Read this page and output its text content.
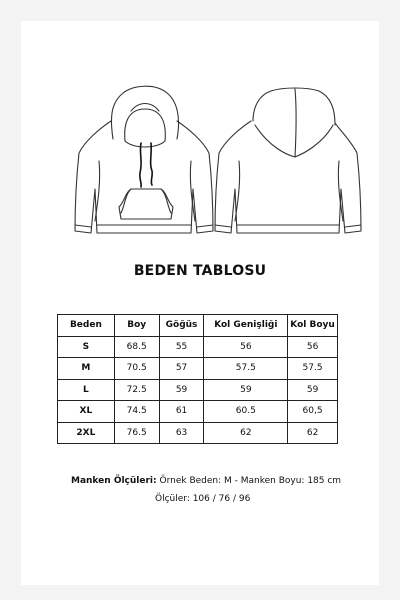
BEDEN TABLOSU
Beden	Boy	Göğüs	Kol Genişliği	Kol Boyu
S	68.5	55	56	56
M	70.5	57	57.5	57.5
L	72.5	59	59	59
XL	74.5	61	60.5	60,5
2XL	76.5	63	62	62
Manken Ölçüleri: Örnek Beden: M - Manken Boyu: 185 cm
Ölçüler: 106 / 76 / 96
